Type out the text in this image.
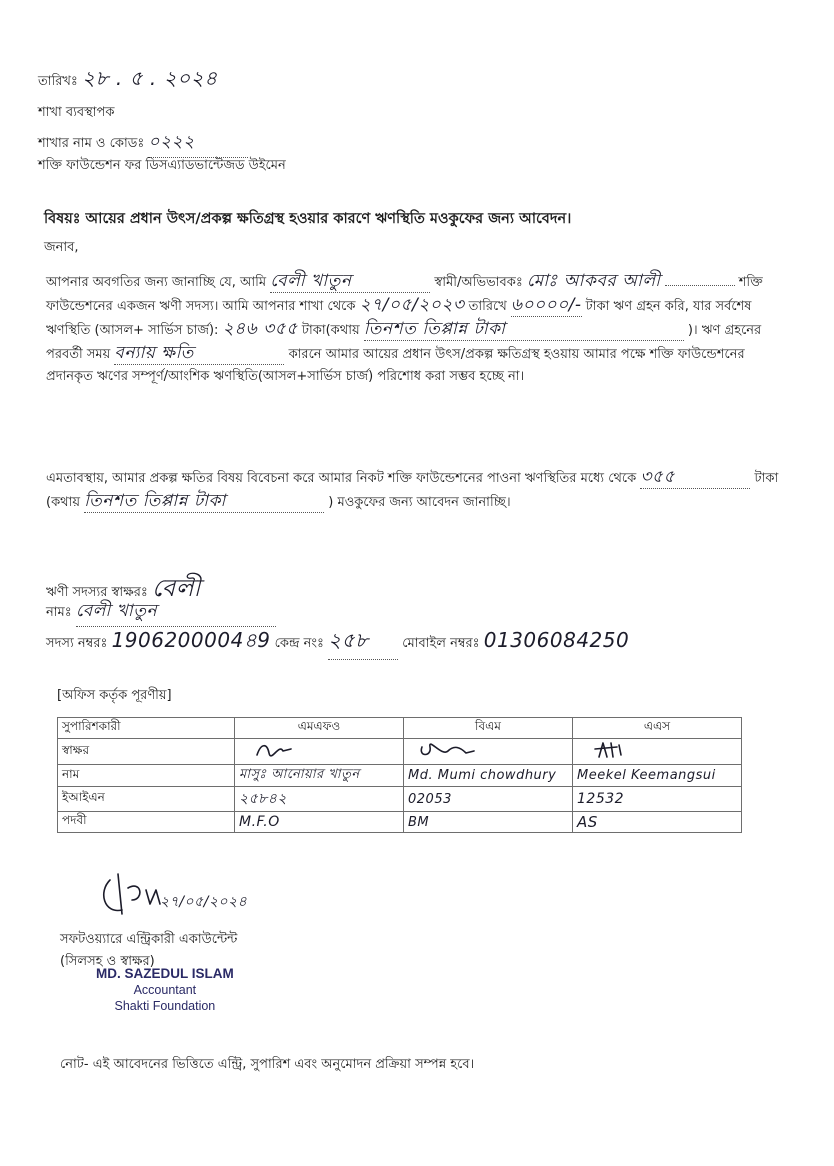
তারিখঃ ২৮ . ৫ . ২০২৪
শাখা ব্যবস্থাপক
শাখার নাম ও কোডঃ ০২২২
শক্তি ফাউন্ডেশন ফর ডিসএ্যাডভান্টেজড উইমেন
বিষয়ঃ আয়ের প্রধান উৎস/প্রকল্প ক্ষতিগ্রস্থ হওয়ার কারণে ঋণস্থিতি মওকুফের জন্য আবেদন।
জনাব,
আপনার অবগতির জন্য জানাচ্ছি যে, আমি বেলী খাতুন	স্বামী/অভিভাবকঃ মোঃ আকবর আলী	শক্তি ফাউন্ডেশনের একজন ঋণী সদস্য। আমি আপনার শাখা থেকে ২৭/০৫/২০২৩ তারিখে ৬০০০০/- টাকা ঋণ গ্রহন করি, যার সর্বশেষ ঋণস্থিতি (আসল+ সার্ভিস চার্জ): ২৪৬ ৩৫৫ টাকা(কথায় তিনশত তিপ্পান্ন টাকা	)। ঋণ গ্রহনের পরবর্তী সময় বন্যায় ক্ষতি	কারনে আমার আয়ের প্রধান উৎস/প্রকল্প ক্ষতিগ্রস্থ হওয়ায় আমার পক্ষে শক্তি ফাউন্ডেশনের প্রদানকৃত ঋণের সম্পূর্ণ/আংশিক ঋণস্থিতি(আসল+সার্ভিস চার্জ) পরিশোধ করা সম্ভব হচ্ছে না।
এমতাবস্থায়, আমার প্রকল্প ক্ষতির বিষয় বিবেচনা করে আমার নিকট শক্তি ফাউন্ডেশনের পাওনা ঋণস্থিতির মধ্যে থেকে ৩৫৫	টাকা (কথায় তিনশত তিপ্পান্ন টাকা	) মওকুফের জন্য আবেদন জানাচ্ছি।
ঋণী সদস্যর স্বাক্ষরঃ বেলী
নামঃ বেলী খাতুন
সদস্য নম্বরঃ 1906200004৪9 কেন্দ্র নংঃ ২৫৮	মোবাইল নম্বরঃ 01306084250
[অফিস কর্তৃক পূরণীয়]
সুপারিশকারী	এমএফও	বিএম	এএস
স্বাক্ষর			
নাম	মাসুঃ আনোয়ার খাতুন	Md. Mumi chowdhury	Meekel Keemangsui
ইআইএন	২৫৮৪২	02053	12532
পদবী	M.F.O	BM	AS
২৭/০৫/২০২৪
সফটওয়্যারে এন্ট্রিকারী একাউন্টেন্ট
(সিলসহ ও স্বাক্ষর)
MD. SAZEDUL ISLAM
Accountant
Shakti Foundation
নোট- এই আবেদনের ভিত্তিতে এন্ট্রি, সুপারিশ এবং অনুমোদন প্রক্রিয়া সম্পন্ন হবে।
